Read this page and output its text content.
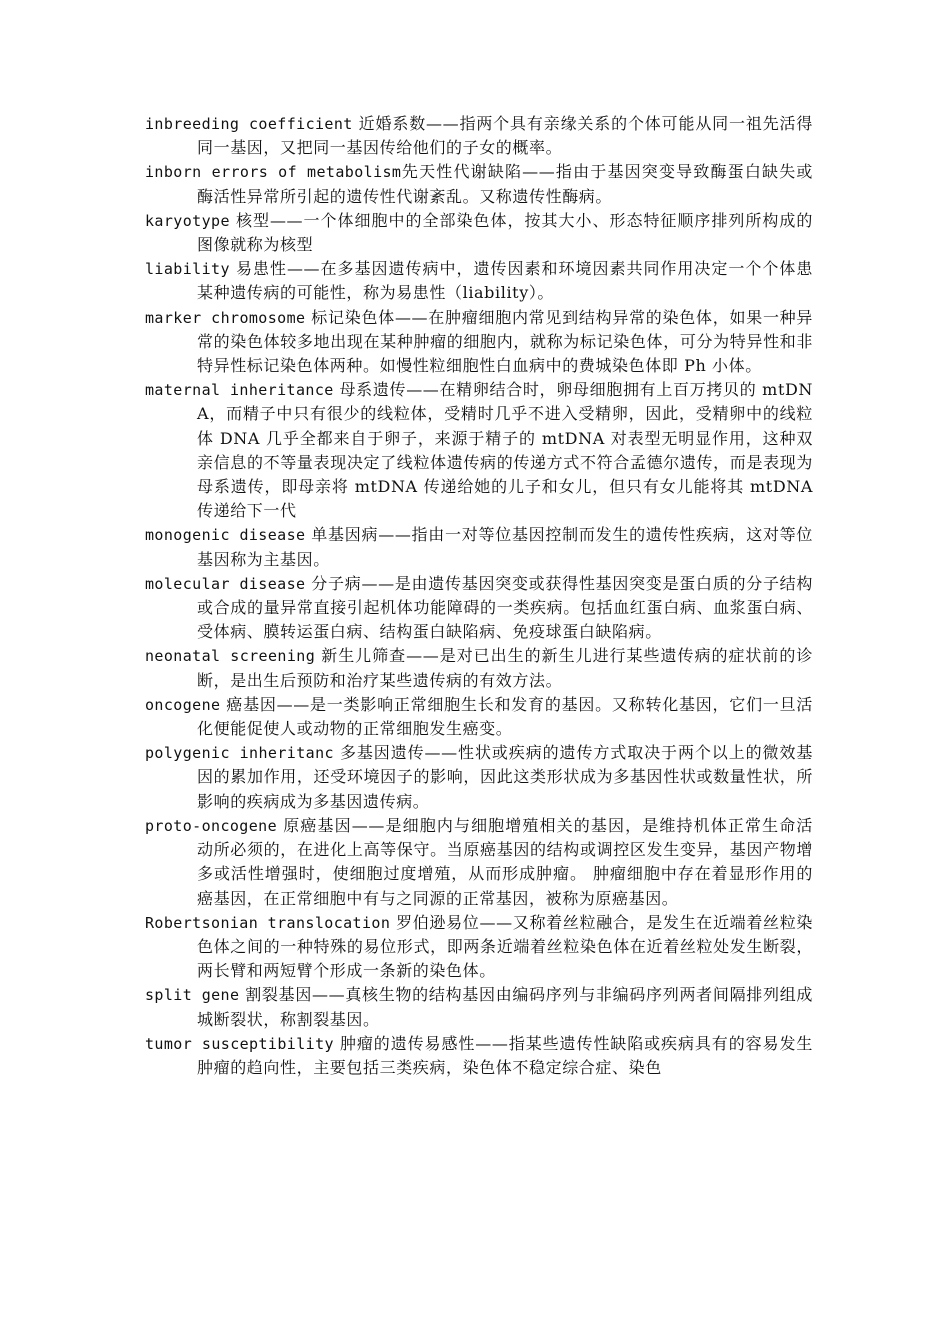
inbreeding coefficient 近婚系数——指两个具有亲缘关系的个体可能从同一祖先活得同一基因，又把同一基因传给他们的子女的概率。
inborn errors of metabolism先天性代谢缺陷——指由于基因突变导致酶蛋白缺失或酶活性异常所引起的遗传性代谢紊乱。又称遗传性酶病。
karyotype 核型——一个体细胞中的全部染色体，按其大小、形态特征顺序排列所构成的图像就称为核型
liability 易患性——在多基因遗传病中，遗传因素和环境因素共同作用决定一个个体患某种遗传病的可能性，称为易患性（liability）。
marker chromosome 标记染色体——在肿瘤细胞内常见到结构异常的染色体，如果一种异常的染色体较多地出现在某种肿瘤的细胞内，就称为标记染色体，可分为特异性和非特异性标记染色体两种。如慢性粒细胞性白血病中的费城染色体即 Ph 小体。
maternal inheritance 母系遗传——在精卵结合时，卵母细胞拥有上百万拷贝的 mtDNA，而精子中只有很少的线粒体，受精时几乎不进入受精卵，因此，受精卵中的线粒体 DNA 几乎全都来自于卵子，来源于精子的 mtDNA 对表型无明显作用，这种双亲信息的不等量表现决定了线粒体遗传病的传递方式不符合孟德尔遗传，而是表现为母系遗传，即母亲将 mtDNA 传递给她的儿子和女儿，但只有女儿能将其 mtDNA 传递给下一代
monogenic disease 单基因病——指由一对等位基因控制而发生的遗传性疾病，这对等位基因称为主基因。
molecular disease 分子病——是由遗传基因突变或获得性基因突变是蛋白质的分子结构或合成的量异常直接引起机体功能障碍的一类疾病。包括血红蛋白病、血浆蛋白病、受体病、膜转运蛋白病、结构蛋白缺陷病、免疫球蛋白缺陷病。
neonatal screening 新生儿筛查——是对已出生的新生儿进行某些遗传病的症状前的诊断，是出生后预防和治疗某些遗传病的有效方法。
oncogene 癌基因——是一类影响正常细胞生长和发育的基因。又称转化基因，它们一旦活化便能促使人或动物的正常细胞发生癌变。
polygenic inheritanc 多基因遗传——性状或疾病的遗传方式取决于两个以上的微效基因的累加作用，还受环境因子的影响，因此这类形状成为多基因性状或数量性状，所影响的疾病成为多基因遗传病。
proto-oncogene 原癌基因——是细胞内与细胞增殖相关的基因，是维持机体正常生命活动所必须的，在进化上高等保守。当原癌基因的结构或调控区发生变异，基因产物增多或活性增强时，使细胞过度增殖，从而形成肿瘤。 肿瘤细胞中存在着显形作用的癌基因，在正常细胞中有与之同源的正常基因，被称为原癌基因。
Robertsonian translocation 罗伯逊易位——又称着丝粒融合，是发生在近端着丝粒染色体之间的一种特殊的易位形式，即两条近端着丝粒染色体在近着丝粒处发生断裂，两长臂和两短臂个形成一条新的染色体。
split gene 割裂基因——真核生物的结构基因由编码序列与非编码序列两者间隔排列组成城断裂状，称割裂基因。
tumor susceptibility 肿瘤的遗传易感性——指某些遗传性缺陷或疾病具有的容易发生肿瘤的趋向性，主要包括三类疾病，染色体不稳定综合症、染色
